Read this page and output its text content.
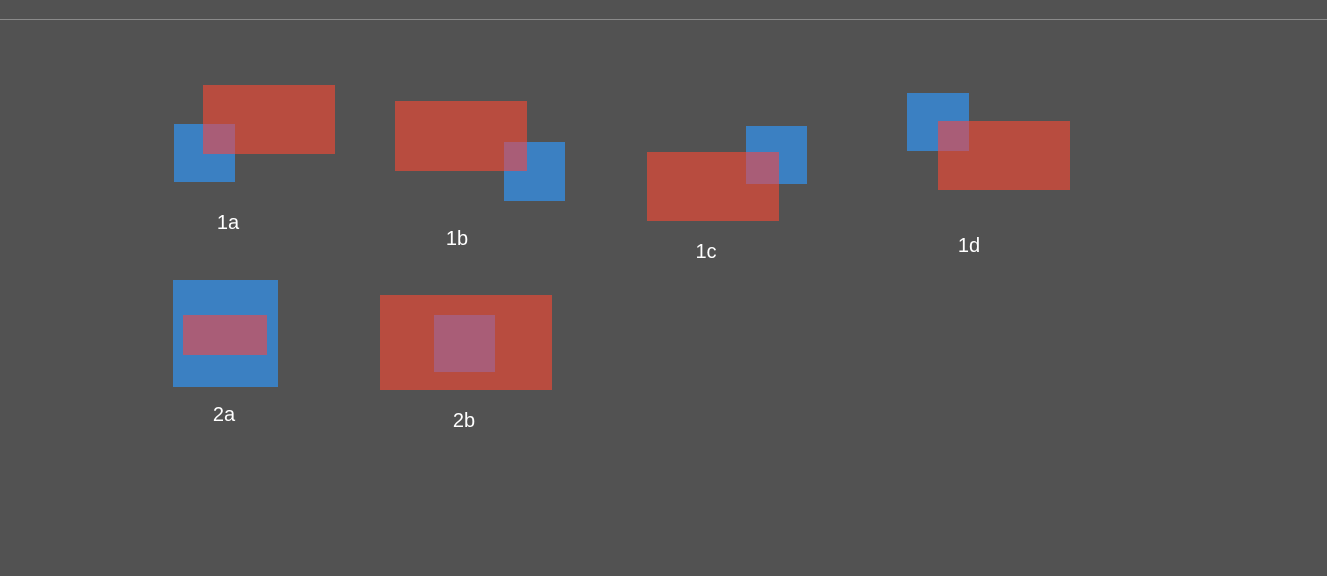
1a
1b
1c	1d
2a	2b
